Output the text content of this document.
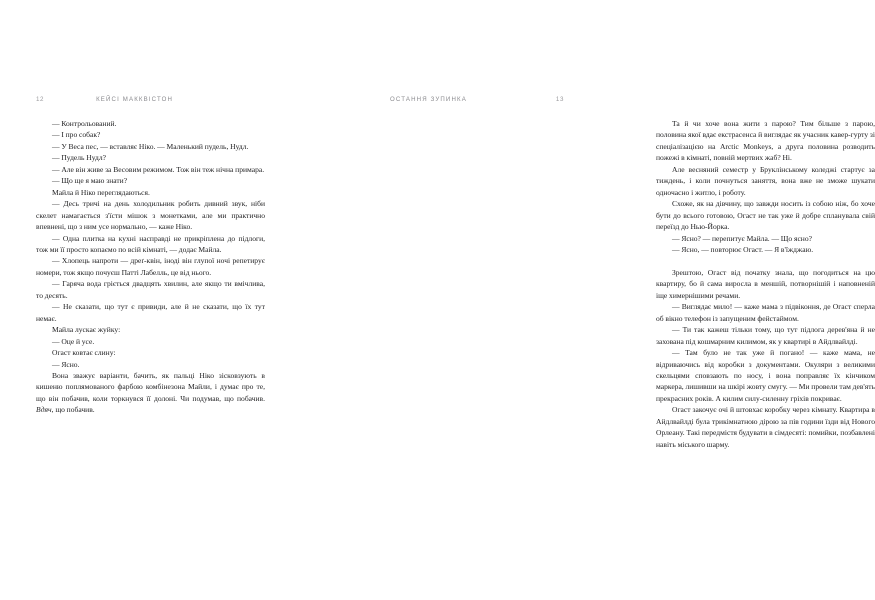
12	КЕЙСІ МАККВІСТОН

— Контрольований.

— І про собак?

— У Веса пес, — вставляє Ніко. — Маленький пудель, Нудл.

— Пудель Нудл?

— Але він живе за Весовим режимом. Тож він теж нічна примара.

— Що ще я маю знати?

Майла й Ніко переглядаються.

— Десь тричі на день холодильник робить дивний звук, ніби скелет намагається з'їсти мішок з монетками, але ми практично впевнені, що з ним усе нормально, — каже Ніко.

— Одна плитка на кухні насправді не прикріплена до підлоги, тож ми її просто копаємо по всій кімнаті, — додає Майла.

— Хлопець напроти — дреґ-квін, іноді він глупої ночі репетирує номери, тож якщо почуєш Патті Лабелль, це від нього.

— Гаряча вода гріється двадцять хвилин, але якщо ти вмічлива, то десять.

— Не сказати, що тут є привиди, але й не сказати, що їх тут немає.

Майла лускає жуйку:

— Оце й усе.

Огаст ковтає слину:

— Ясно.

Вона зважує варіанти, бачить, як пальці Ніко зісковзують в кишеню поплямованого фарбою комбінезона Майли, і думає про те, що він побачив, коли торкнувся її долоні. Чи подумав, що побачив. Вдяч, що побачив.

ОСТАННЯ ЗУПИНКА	13

Та й чи хоче вона жити з парою? Тим більше з парою, половина якої вдає екстрасенса й виглядає як учасник кавер-гурту зі спеціалізацією на Arctic Monkeys, а друга половина розводить пожежі в кімнаті, повній мертвих жаб? Ні.

Але весняний семестр у Бруклінському коледжі стартує за тиждень, і коли почнуться заняття, вона вже не зможе шукати одночасно і житло, і роботу.

Схоже, як на дівчину, що завжди носить із собою ніж, бо хоче бути до всього готовою, Огаст не так уже й добре спланувала свій переїзд до Нью-Йорка.

— Ясно? — перепитує Майла. — Що ясно?

— Ясно, — повторює Огаст. — Я в'їжджаю.

Зрештою, Огаст від початку знала, що погодиться на цю квартиру, бо й сама виросла в меншій, потворнішій і наповненій іще химернішими речами.

— Виглядає мило! — каже мама з підвіконня, де Огаст сперла об вікно телефон із запущеним фейстаймом.

— Ти так кажеш тільки тому, що тут підлога дерев'яна й не захована під кошмарним килимом, як у квартирі в Айдлвайлді.

— Там було не так уже й погано! — каже мама, не відриваючись від коробки з документами. Окуляри з великими скельцями сповзають по носу, і вона поправляє їх кінчиком маркера, лишивши на шкірі жовту смугу. — Ми провели там дев'ять прекрасних років. А килим силу-силенну гріхів покриває.

Огаст закочує очі й штовхає коробку через кімнату. Квартира в Айдлвайлді була трикімнатною дірою за пів години їзди від Нового Орлеану. Такі передмістя будувати в сімдесяті: помийки, позбавлені навіть міського шарму.
